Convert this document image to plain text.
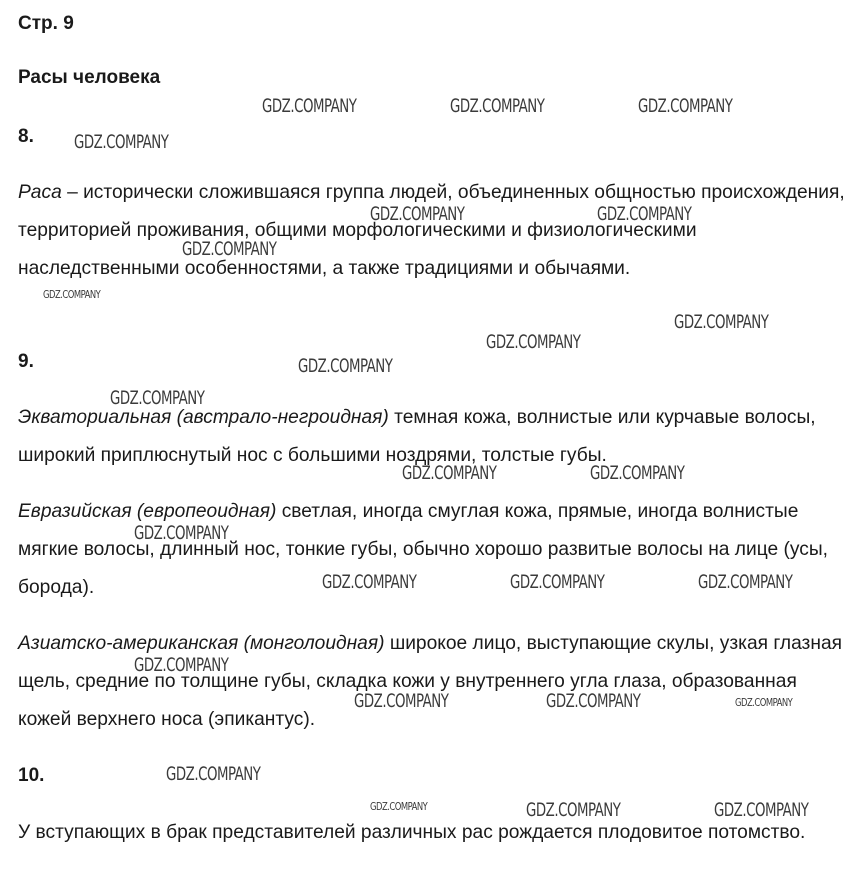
Стр. 9
Расы человека
8.

Раса – исторически сложившаяся группа людей, объединенных общностью происхождения, территорией проживания, общими морфологическими и физиологическими наследственными особенностями, а также традициями и обычаями.

9.

Экваториальная (австрало-негроидная) темная кожа, волнистые или курчавые волосы, широкий приплюснутый нос с большими ноздрями, толстые губы.

Евразийская (европеоидная) светлая, иногда смуглая кожа, прямые, иногда волнистые мягкие волосы, длинный нос, тонкие губы, обычно хорошо развитые волосы на лице (усы, борода).

Азиатско-американская (монголоидная) широкое лицо, выступающие скулы, узкая глазная щель, средние по толщине губы, складка кожи у внутреннего угла глаза, образованная кожей верхнего носа (эпикантус).

10.

У вступающих в брак представителей различных рас рождается плодовитое потомство.

GDZ.COMPANY	GDZ.COMPANY	GDZ.COMPANY
GDZ.COMPANY
GDZ.COMPANY	GDZ.COMPANY
GDZ.COMPANY
GDZ.COMPANY
GDZ.COMPANY
GDZ.COMPANY
GDZ.COMPANY
GDZ.COMPANY
GDZ.COMPANY	GDZ.COMPANY
GDZ.COMPANY
GDZ.COMPANY	GDZ.COMPANY	GDZ.COMPANY
GDZ.COMPANY
GDZ.COMPANY	GDZ.COMPANY	GDZ.COMPANY
GDZ.COMPANY
GDZ.COMPANY	GDZ.COMPANY	GDZ.COMPANY
